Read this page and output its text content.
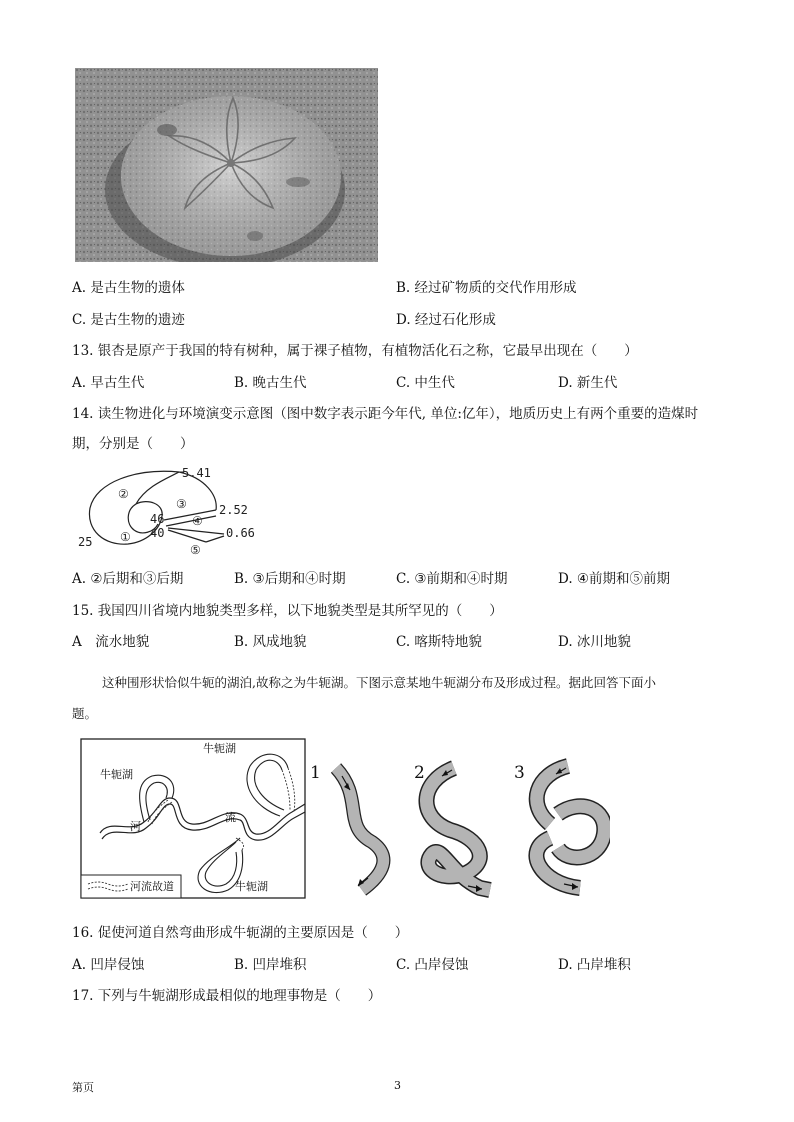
A. 是古生物的遗体	B. 经过矿物质的交代作用形成
C. 是古生物的遗迹	D. 经过石化形成
13. 银杏是原产于我国的特有树种，属于裸子植物，有植物活化石之称，它最早出现在（　　）
A. 早古生代	B. 晚古生代	C. 中生代	D. 新生代
14. 读生物进化与环境演变示意图（图中数字表示距今年代, 单位:亿年），地质历史上有两个重要的造煤时
期，分别是（　　）
5.41
2.52
0.66
46
40
25 ①
②
③
④
⑤
A. ②后期和③后期	B. ③后期和④时期	C. ③前期和④时期	D. ④前期和⑤前期
15. 我国四川省境内地貌类型多样，以下地貌类型是其所罕见的（　　）
A　流水地貌	B. 风成地貌	C. 喀斯特地貌	D. 冰川地貌
这种围形状恰似牛轭的湖泊,故称之为牛轭湖。下图示意某地牛轭湖分布及形成过程。据此回答下面小
题。
河流故道
牛轭湖
牛轭湖
牛轭湖
河
流
1	2	3
16. 促使河道自然弯曲形成牛轭湖的主要原因是（　　）
A. 凹岸侵蚀	B. 凹岸堆积	C. 凸岸侵蚀	D. 凸岸堆积
17. 下列与牛轭湖形成最相似的地理事物是（　　）
第页	3
